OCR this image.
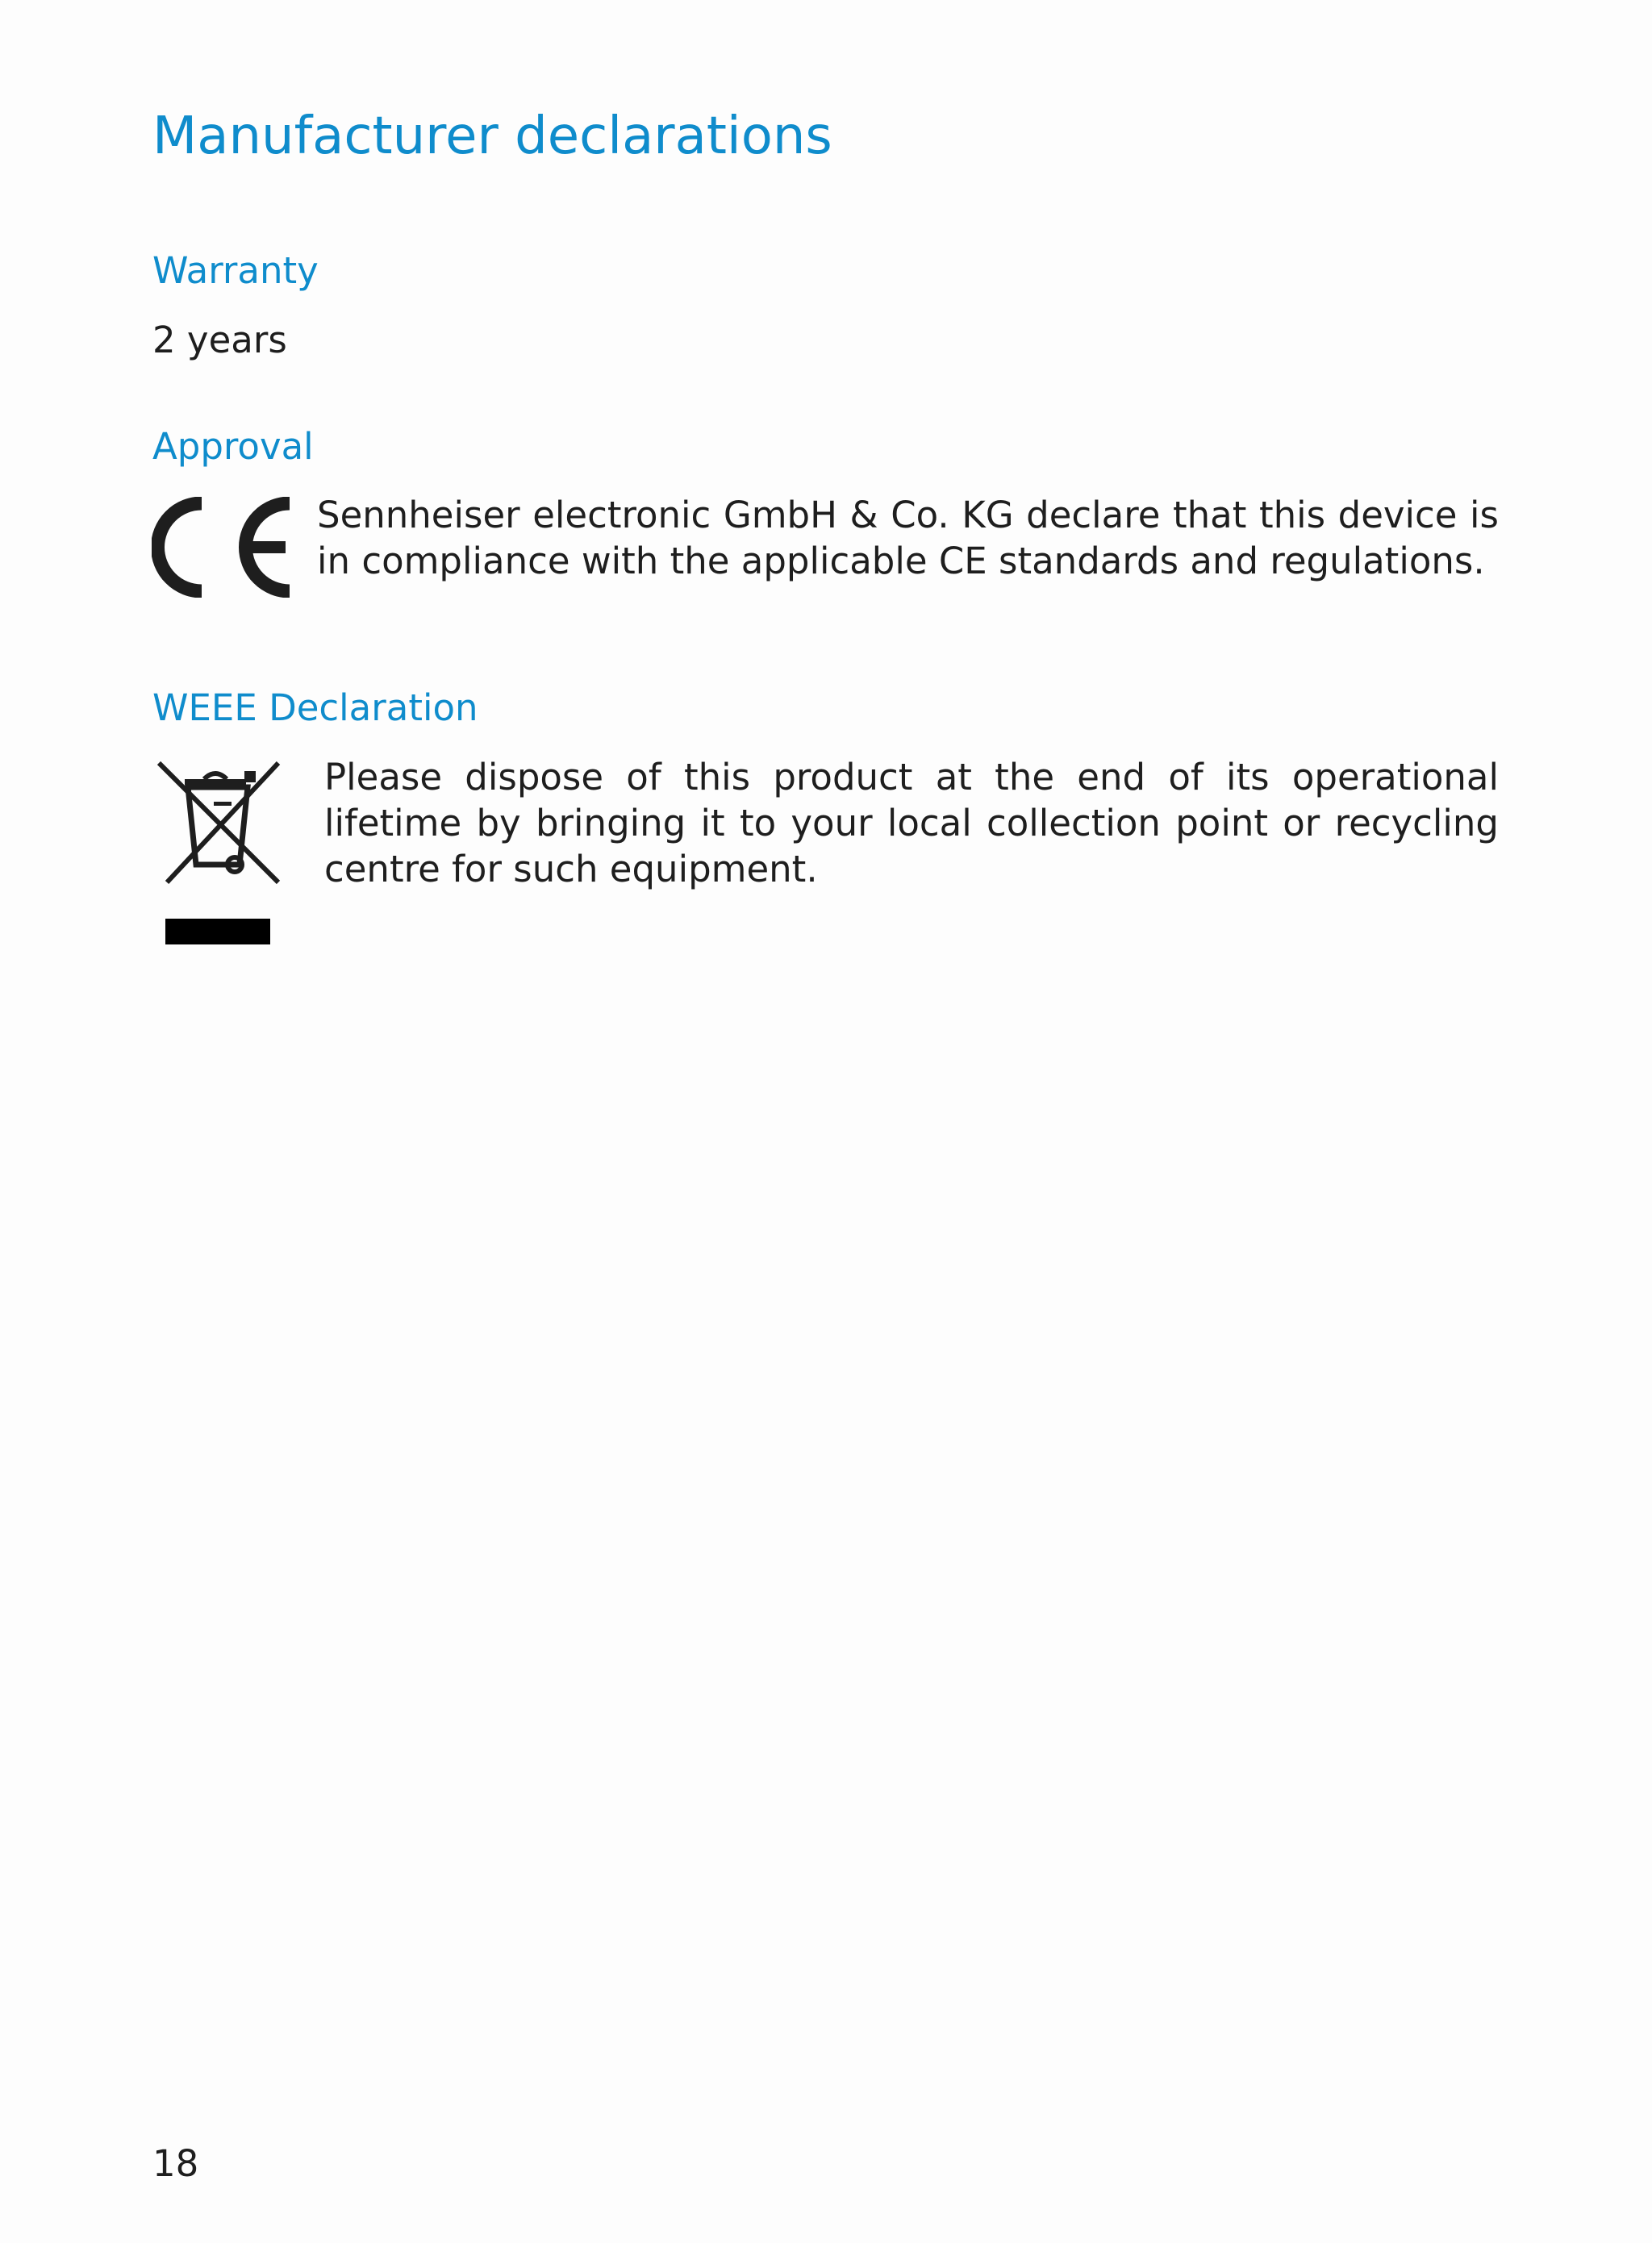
Manufacturer declarations
Warranty

2 years

Approval

Sennheiser electronic GmbH & Co. KG declare that this device is in compliance with the applicable CE standards and regulations.

WEEE Declaration

Please dispose of this product at the end of its operational lifetime by bringing it to your local collection point or recycling centre for such equipment.

18
